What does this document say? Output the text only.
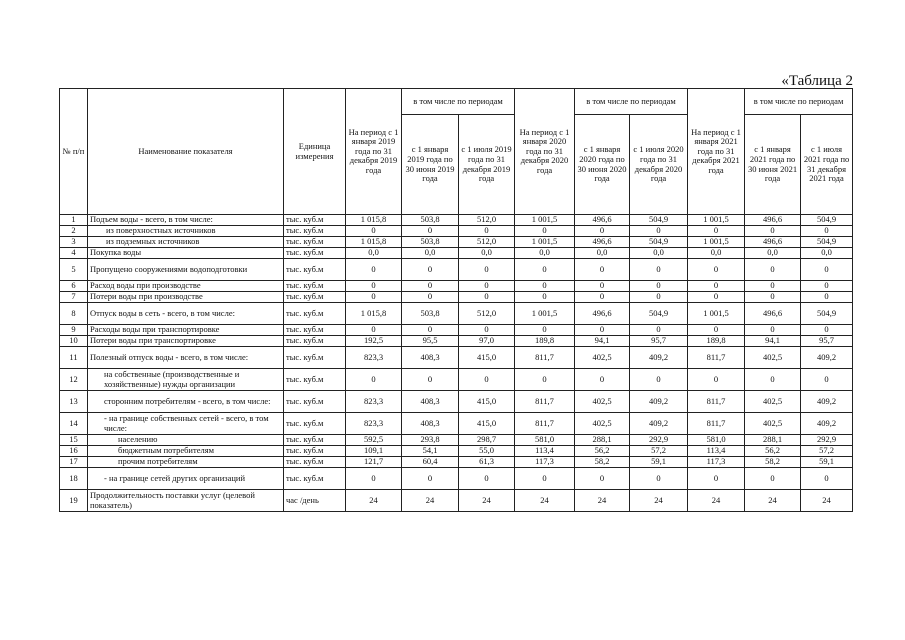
«Таблица 2
№ п/п	Наименование показателя	Единица измерения	На период с 1 января 2019 года по 31 декабря 2019 года	в том числе по периодам		На период с 1 января 2020 года по 31 декабря 2020 года	в том числе по периодам		На период с 1 января 2021 года по 31 декабря 2021 года	в том числе по периодам	
				с 1 января 2019 года по 30 июня 2019 года	с 1 июля 2019 года по 31 декабря 2019 года		с 1 января 2020 года по 30 июня 2020 года	с 1 июля 2020 года по 31 декабря 2020 года		с 1 января 2021 года по 30 июня 2021 года	с 1 июля 2021 года по 31 декабря 2021 года
1	Подъем воды - всего, в том числе:	тыс. куб.м	1 015,8	503,8	512,0	1 001,5	496,6	504,9	1 001,5	496,6	504,9
2	из поверхностных источников	тыс. куб.м	0	0	0	0	0	0	0	0	0
3	из подземных источников	тыс. куб.м	1 015,8	503,8	512,0	1 001,5	496,6	504,9	1 001,5	496,6	504,9
4	Покупка воды	тыс. куб.м	0,0	0,0	0,0	0,0	0,0	0,0	0,0	0,0	0,0
5	Пропущено сооружениями водоподготовки	тыс. куб.м	0	0	0	0	0	0	0	0	0
6	Расход воды при производстве	тыс. куб.м	0	0	0	0	0	0	0	0	0
7	Потери воды при производстве	тыс. куб.м	0	0	0	0	0	0	0	0	0
8	Отпуск воды в сеть - всего, в том числе:	тыс. куб.м	1 015,8	503,8	512,0	1 001,5	496,6	504,9	1 001,5	496,6	504,9
9	Расходы воды при транспортировке	тыс. куб.м	0	0	0	0	0	0	0	0	0
10	Потери воды при транспортировке	тыс. куб.м	192,5	95,5	97,0	189,8	94,1	95,7	189,8	94,1	95,7
11	Полезный отпуск воды - всего, в том числе:	тыс. куб.м	823,3	408,3	415,0	811,7	402,5	409,2	811,7	402,5	409,2
12	на собственные (производственные и хозяйственные) нужды организации	тыс. куб.м	0	0	0	0	0	0	0	0	0
13	сторонним потребителям - всего, в том числе:	тыс. куб.м	823,3	408,3	415,0	811,7	402,5	409,2	811,7	402,5	409,2
14	- на границе собственных сетей - всего, в том числе:	тыс. куб.м	823,3	408,3	415,0	811,7	402,5	409,2	811,7	402,5	409,2
15	населению	тыс. куб.м	592,5	293,8	298,7	581,0	288,1	292,9	581,0	288,1	292,9
16	бюджетным потребителям	тыс. куб.м	109,1	54,1	55,0	113,4	56,2	57,2	113,4	56,2	57,2
17	прочим потребителям	тыс. куб.м	121,7	60,4	61,3	117,3	58,2	59,1	117,3	58,2	59,1
18	- на границе сетей других организаций	тыс. куб.м	0	0	0	0	0	0	0	0	0
19	Продолжительность поставки услуг (целевой показатель)	час /день	24	24	24	24	24	24	24	24	24
